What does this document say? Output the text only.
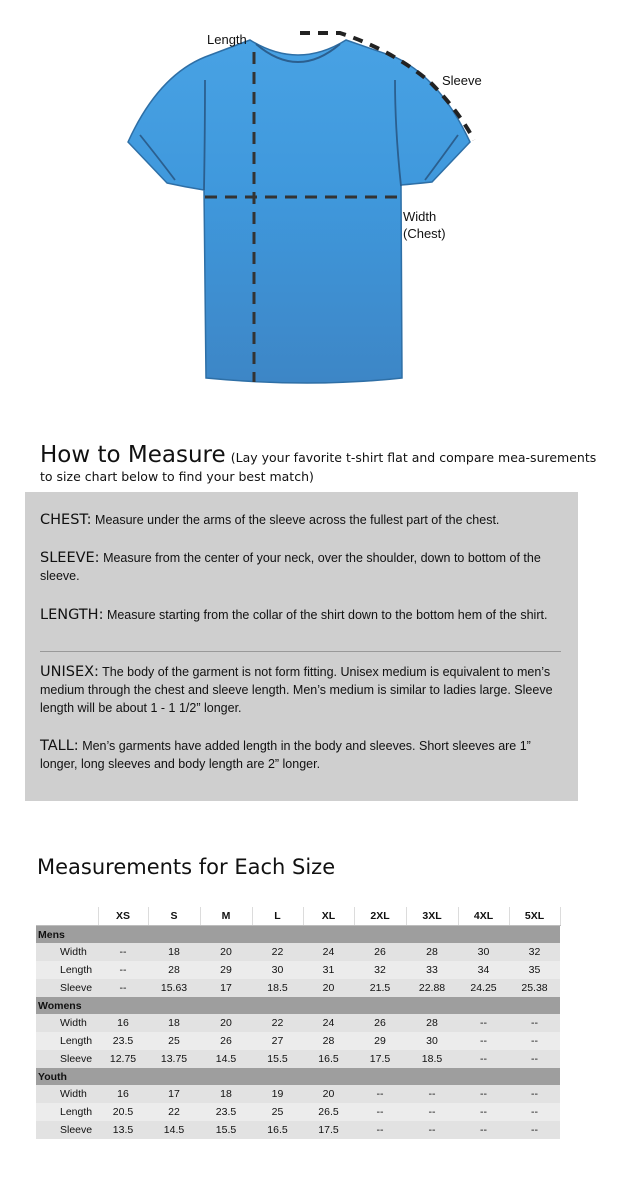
Length
Sleeve
Width
(Chest)
How to Measure (Lay your favorite t-shirt flat and compare mea-surements to size chart below to find your best match)
CHEST: Measure under the arms of the sleeve across the fullest part of the chest.
SLEEVE: Measure from the center of your neck, over the shoulder, down to bottom of the sleeve.
LENGTH: Measure starting from the collar of the shirt down to the bottom hem of the shirt.
UNISEX: The body of the garment is not form fitting. Unisex medium is equivalent to men’s medium through the chest and sleeve length. Men’s medium is similar to ladies large. Sleeve length will be about 1 - 1 1/2” longer.
TALL: Men’s garments have added length in the body and sleeves. Short sleeves are 1” longer, long sleeves and body length are 2” longer.
Measurements for Each Size
	XS	S	M	L	XL	2XL	3XL	4XL	5XL
Mens									
Width	--	18	20	22	24	26	28	30	32
Length	--	28	29	30	31	32	33	34	35
Sleeve	--	15.63	17	18.5	20	21.5	22.88	24.25	25.38
Womens									
Width	16	18	20	22	24	26	28	--	--
Length	23.5	25	26	27	28	29	30	--	--
Sleeve	12.75	13.75	14.5	15.5	16.5	17.5	18.5	--	--
Youth									
Width	16	17	18	19	20	--	--	--	--
Length	20.5	22	23.5	25	26.5	--	--	--	--
Sleeve	13.5	14.5	15.5	16.5	17.5	--	--	--	--
